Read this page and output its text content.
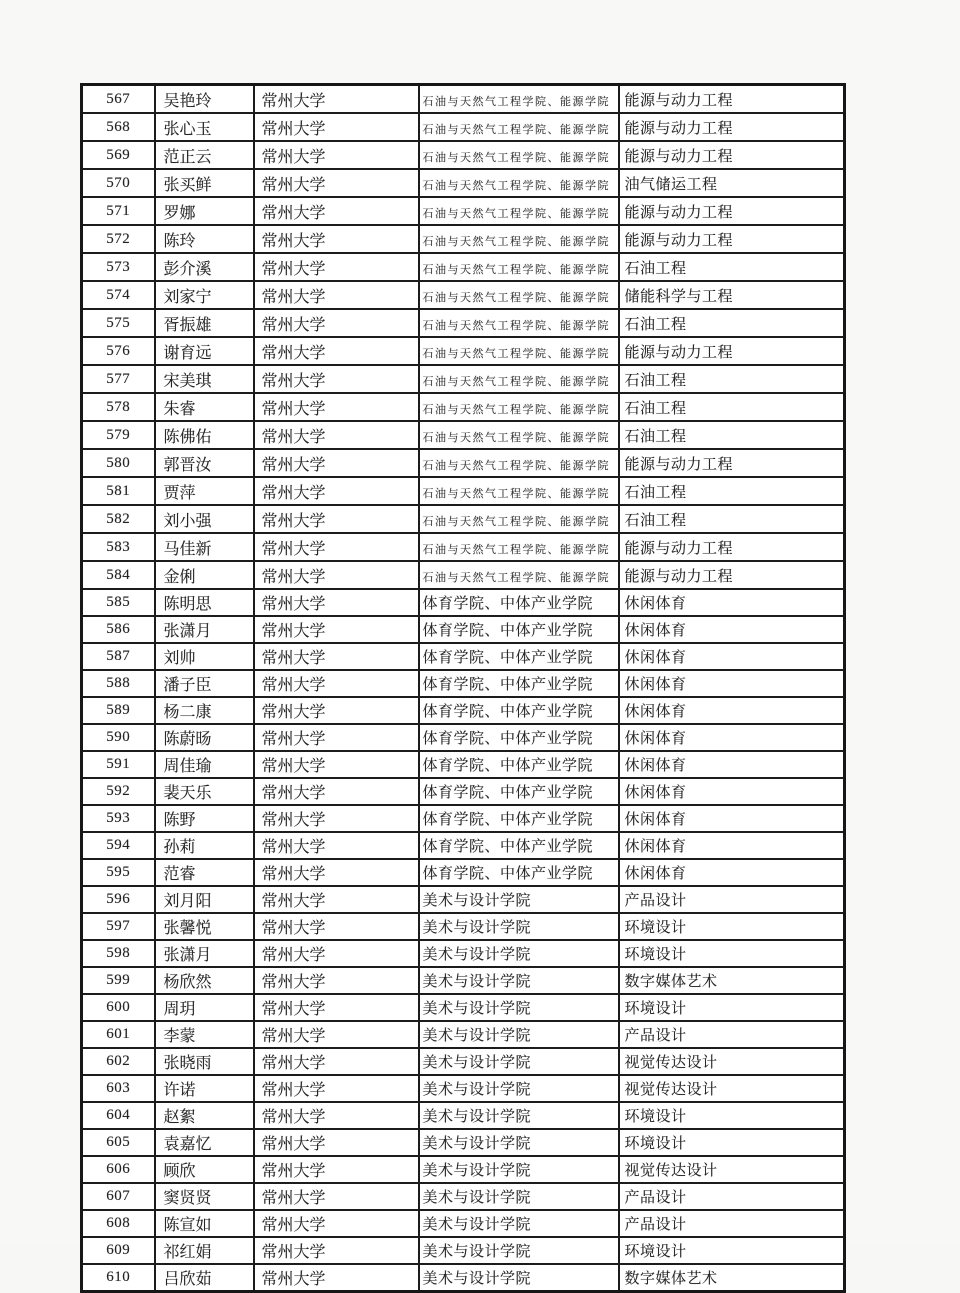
567	吴艳玲	常州大学	石油与天然气工程学院、能源学院	能源与动力工程
568	张心玉	常州大学	石油与天然气工程学院、能源学院	能源与动力工程
569	范正云	常州大学	石油与天然气工程学院、能源学院	能源与动力工程
570	张买鲜	常州大学	石油与天然气工程学院、能源学院	油气储运工程
571	罗娜	常州大学	石油与天然气工程学院、能源学院	能源与动力工程
572	陈玲	常州大学	石油与天然气工程学院、能源学院	能源与动力工程
573	彭介溪	常州大学	石油与天然气工程学院、能源学院	石油工程
574	刘家宁	常州大学	石油与天然气工程学院、能源学院	储能科学与工程
575	胥振雄	常州大学	石油与天然气工程学院、能源学院	石油工程
576	谢育远	常州大学	石油与天然气工程学院、能源学院	能源与动力工程
577	宋美琪	常州大学	石油与天然气工程学院、能源学院	石油工程
578	朱睿	常州大学	石油与天然气工程学院、能源学院	石油工程
579	陈佛佑	常州大学	石油与天然气工程学院、能源学院	石油工程
580	郭晋汝	常州大学	石油与天然气工程学院、能源学院	能源与动力工程
581	贾萍	常州大学	石油与天然气工程学院、能源学院	石油工程
582	刘小强	常州大学	石油与天然气工程学院、能源学院	石油工程
583	马佳新	常州大学	石油与天然气工程学院、能源学院	能源与动力工程
584	金俐	常州大学	石油与天然气工程学院、能源学院	能源与动力工程
585	陈明思	常州大学	体育学院、中体产业学院	休闲体育
586	张潇月	常州大学	体育学院、中体产业学院	休闲体育
587	刘帅	常州大学	体育学院、中体产业学院	休闲体育
588	潘子臣	常州大学	体育学院、中体产业学院	休闲体育
589	杨二康	常州大学	体育学院、中体产业学院	休闲体育
590	陈蔚旸	常州大学	体育学院、中体产业学院	休闲体育
591	周佳瑜	常州大学	体育学院、中体产业学院	休闲体育
592	裴天乐	常州大学	体育学院、中体产业学院	休闲体育
593	陈野	常州大学	体育学院、中体产业学院	休闲体育
594	孙莉	常州大学	体育学院、中体产业学院	休闲体育
595	范睿	常州大学	体育学院、中体产业学院	休闲体育
596	刘月阳	常州大学	美术与设计学院	产品设计
597	张馨悦	常州大学	美术与设计学院	环境设计
598	张潇月	常州大学	美术与设计学院	环境设计
599	杨欣然	常州大学	美术与设计学院	数字媒体艺术
600	周玥	常州大学	美术与设计学院	环境设计
601	李蒙	常州大学	美术与设计学院	产品设计
602	张晓雨	常州大学	美术与设计学院	视觉传达设计
603	许诺	常州大学	美术与设计学院	视觉传达设计
604	赵絮	常州大学	美术与设计学院	环境设计
605	袁嘉忆	常州大学	美术与设计学院	环境设计
606	顾欣	常州大学	美术与设计学院	视觉传达设计
607	窦贤贤	常州大学	美术与设计学院	产品设计
608	陈宣如	常州大学	美术与设计学院	产品设计
609	祁红娟	常州大学	美术与设计学院	环境设计
610	吕欣茹	常州大学	美术与设计学院	数字媒体艺术
